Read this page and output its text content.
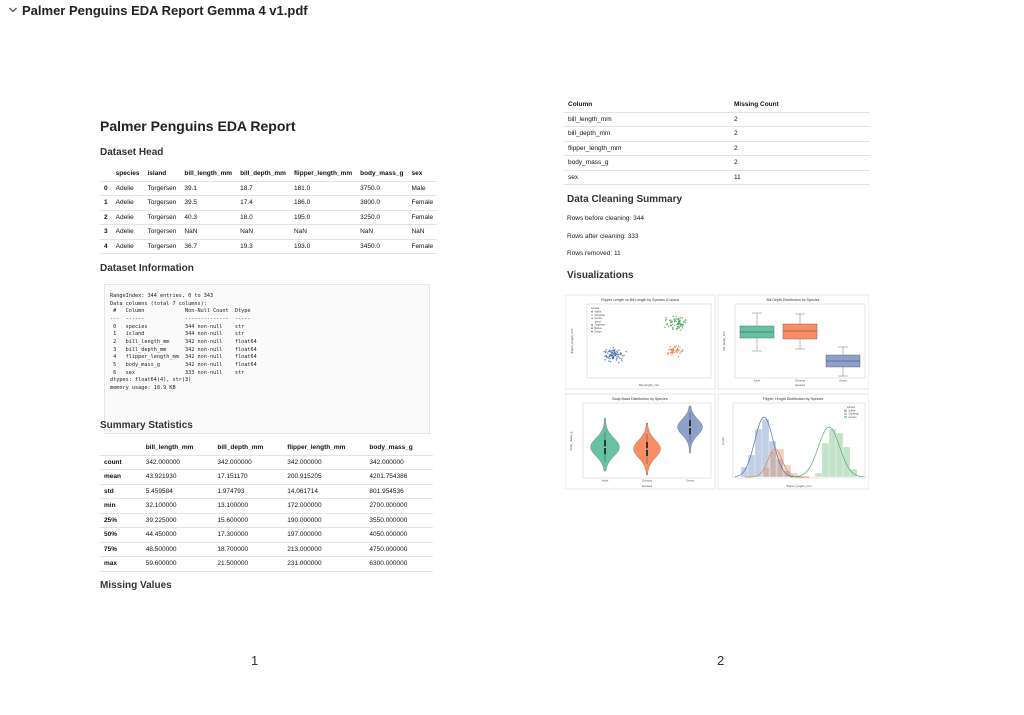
Palmer Penguins EDA Report Gemma 4 v1.pdf
Palmer Penguins EDA Report
Dataset Head
	species	island	bill_length_mm	bill_depth_mm	flipper_length_mm	body_mass_g	sex
0	Adelie	Torgersen	39.1	18.7	181.0	3750.0	Male
1	Adelie	Torgersen	39.5	17.4	186.0	3800.0	Female
2	Adelie	Torgersen	40.3	18.0	195.0	3250.0	Female
3	Adelie	Torgersen	NaN	NaN	NaN	NaN	NaN
4	Adelie	Torgersen	36.7	19.3	193.0	3450.0	Female
Dataset Information
RangeIndex: 344 entries, 0 to 343
Data columns (total 7 columns):
#   Column             Non-Null Count  Dtype
---  ------             --------------  -----
0   species            344 non-null    str
1   island             344 non-null    str
2   bill_length_mm     342 non-null    float64
3   bill_depth_mm      342 non-null    float64
4   flipper_length_mm  342 non-null    float64
5   body_mass_g        342 non-null    float64
6   sex                333 non-null    str
dtypes: float64(4), str(3)
memory usage: 18.9 KB
Summary Statistics
	bill_length_mm	bill_depth_mm	flipper_length_mm	body_mass_g
count	342.000000	342.000000	342.000000	342.000000
mean	43.921930	17.151170	200.915205	4201.754386
std	5.459584	1.974793	14.061714	801.954536
min	32.100000	13.100000	172.000000	2700.000000
25%	39.225000	15.600000	190.000000	3550.000000
50%	44.450000	17.300000	197.000000	4050.000000
75%	48.500000	18.700000	213.000000	4750.000000
max	59.600000	21.500000	231.000000	6300.000000
Missing Values
1
Column	Missing Count
bill_length_mm	2
bill_depth_mm	2
flipper_length_mm	2
body_mass_g	2
sex	11
Data Cleaning Summary
Rows before cleaning: 344
Rows after cleaning: 333
Rows removed: 11
Visualizations
Flipper Length vs Bill Length by Species & Island
species
Adelie
Chinstrap
Gentoo
island
Torgersen
Biscoe
Dream
bill_length_mm
flipper_length_mm
Bill Depth Distribution by Species
Adelie	Chinstrap	Gentoo
species
bill_depth_mm
Body Mass Distribution by Species
Adelie	Chinstrap	Gentoo
species
body_mass_g
Flipper Length Distribution by Species
species
Adelie
Chinstrap
Gentoo
flipper_length_mm
Count
2
